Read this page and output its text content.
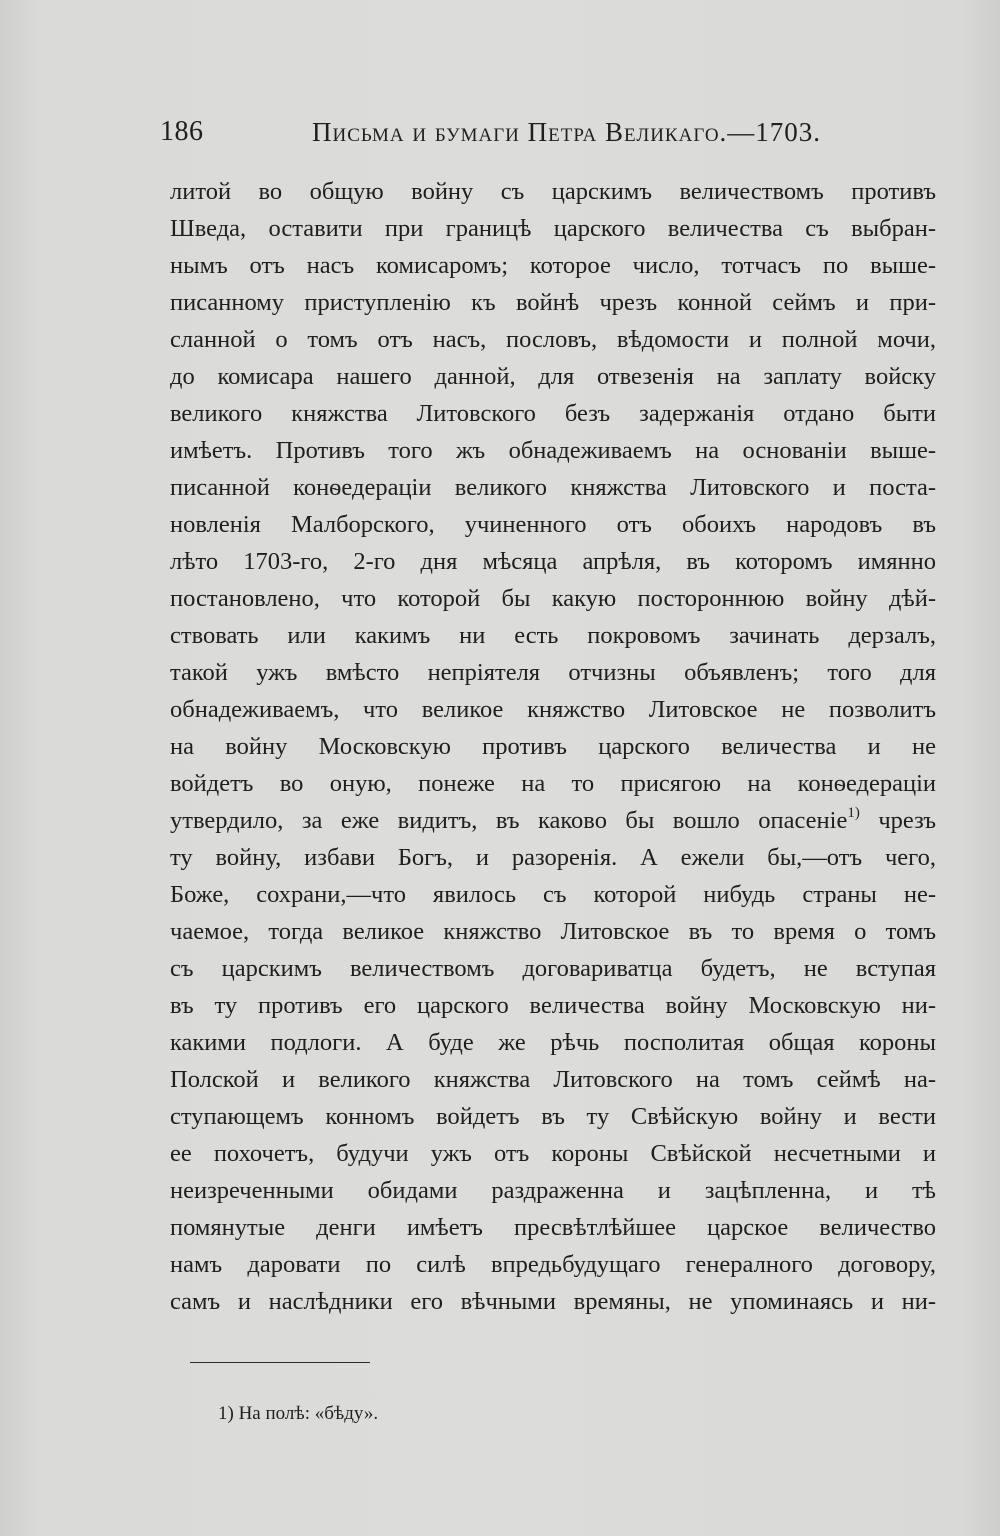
186	Письма и бумаги Петра Великаго.—1703.
литой во общую войну съ царскимъ величествомъ противъ
Шведа, оставити при границѣ царского величества съ выбран-
нымъ отъ насъ комисаромъ; которое число, тотчасъ по выше-
писанному приступленію къ войнѣ чрезъ конной сеймъ и при-
сланной о томъ отъ насъ, пословъ, вѣдомости и полной мочи,
до комисара нашего данной, для отвезенія на заплату войску
великого княжства Литовского безъ задержанія отдано быти
имѣетъ. Противъ того жъ обнадеживаемъ на основаніи выше-
писанной конѳедераціи великого княжства Литовского и поста-
новленія Малборского, учиненного отъ обоихъ народовъ въ
лѣто 1703-го, 2-го дня мѣсяца апрѣля, въ которомъ имянно
постановлено, что которой бы какую постороннюю войну дѣй-
ствовать или какимъ ни есть покровомъ зачинать дерзалъ,
такой ужъ вмѣсто непріятеля отчизны объявленъ; того для
обнадеживаемъ, что великое княжство Литовское не позволитъ
на войну Московскую противъ царского величества и не
войдетъ во оную, понеже на то присягою на конѳедераціи
утвердило, за еже видитъ, въ каково бы вошло опасеніе$^{1)}$ чрезъ
ту войну, избави Богъ, и разоренія. А ежели бы,—отъ чего,
Боже, сохрани,—что явилось съ которой нибудь страны не-
чаемое, тогда великое княжство Литовское въ то время о томъ
съ царскимъ величествомъ договариватца будетъ, не вступая
въ ту противъ его царского величества войну Московскую ни-
какими подлоги. А буде же рѣчь посполитая общая короны
Полской и великого княжства Литовского на томъ сеймѣ на-
ступающемъ конномъ войдетъ въ ту Свѣйскую войну и вести
ее похочетъ, будучи ужъ отъ короны Свѣйской несчетными и
неизреченными обидами раздраженна и зацѣпленна, и тѣ
помянутые денги имѣетъ пресвѣтлѣйшее царское величество
намъ даровати по силѣ впредьбудущаго генералного договору,
самъ и наслѣдники его вѣчными времяны, не упоминаясь и ни-
1) На полѣ: «бѣду».
